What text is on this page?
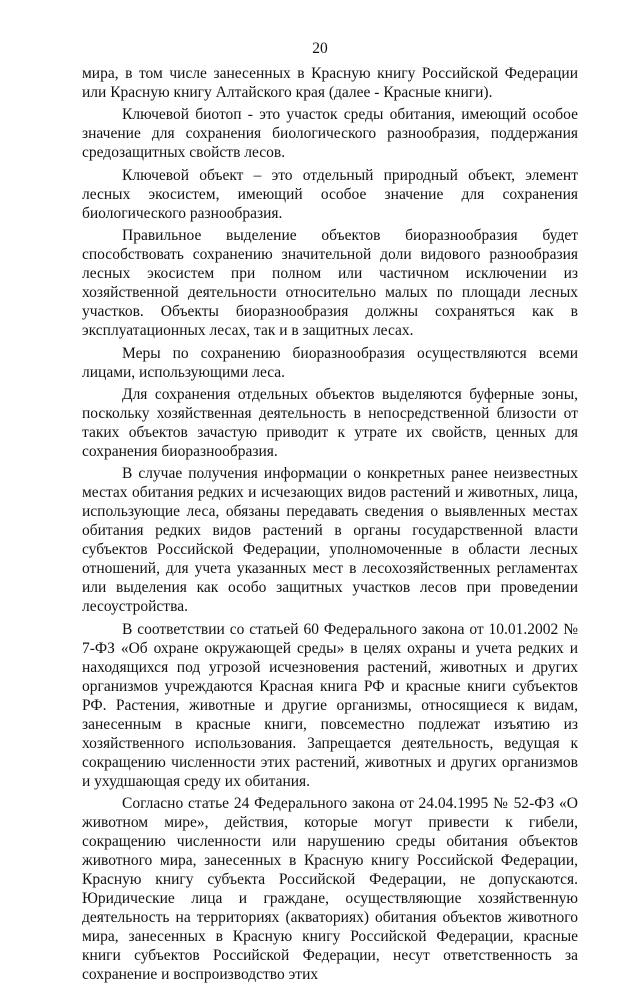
20

мира, в том числе занесенных в Красную книгу Российской Федерации или Красную книгу Алтайского края (далее - Красные книги).

Ключевой биотоп - это участок среды обитания, имеющий особое значение для сохранения биологического разнообразия, поддержания средозащитных свойств лесов.

Ключевой объект – это отдельный природный объект, элемент лесных экосистем, имеющий особое значение для сохранения биологического разнообразия.

Правильное выделение объектов биоразнообразия будет способствовать сохранению значительной доли видового разнообразия лесных экосистем при полном или частичном исключении из хозяйственной деятельности относительно малых по площади лесных участков. Объекты биоразнообразия должны сохраняться как в эксплуатационных лесах, так и в защитных лесах.

Меры по сохранению биоразнообразия осуществляются всеми лицами, использующими леса.

Для сохранения отдельных объектов выделяются буферные зоны, поскольку хозяйственная деятельность в непосредственной близости от таких объектов зачастую приводит к утрате их свойств, ценных для сохранения биоразнообразия.

В случае получения информации о конкретных ранее неизвестных местах обитания редких и исчезающих видов растений и животных, лица, использующие леса, обязаны передавать сведения о выявленных местах обитания редких видов растений в органы государственной власти субъектов Российской Федерации, уполномоченные в области лесных отношений, для учета указанных мест в лесохозяйственных регламентах или выделения как особо защитных участков лесов при проведении лесоустройства.

В соответствии со статьей 60 Федерального закона от 10.01.2002 № 7-ФЗ «Об охране окружающей среды» в целях охраны и учета редких и находящихся под угрозой исчезновения растений, животных и других организмов учреждаются Красная книга РФ и красные книги субъектов РФ. Растения, животные и другие организмы, относящиеся к видам, занесенным в красные книги, повсеместно подлежат изъятию из хозяйственного использования. Запрещается деятельность, ведущая к сокращению численности этих растений, животных и других организмов и ухудшающая среду их обитания.

Согласно статье 24 Федерального закона от 24.04.1995 № 52-ФЗ «О животном мире», действия, которые могут привести к гибели, сокращению численности или нарушению среды обитания объектов животного мира, занесенных в Красную книгу Российской Федерации, Красную книгу субъекта Российской Федерации, не допускаются. Юридические лица и граждане, осуществляющие хозяйственную деятельность на территориях (акваториях) обитания объектов животного мира, занесенных в Красную книгу Российской Федерации, красные книги субъектов Российской Федерации, несут ответственность за сохранение и воспроизводство этих
